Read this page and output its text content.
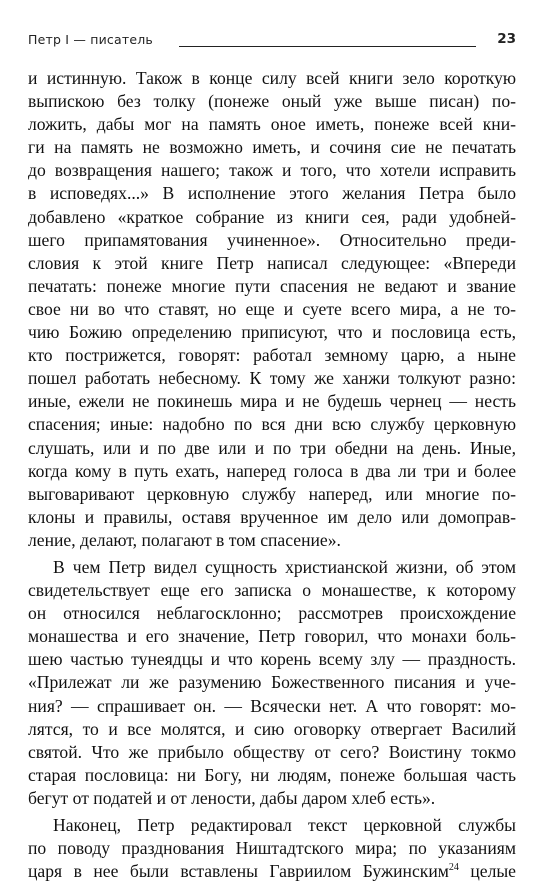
Петр I — писатель	23
и истинную. Також в конце силу всей книги зело короткую
выпискою без толку (понеже оный уже выше писан) по-
ложить, дабы мог на память оное иметь, понеже всей кни-
ги на память не возможно иметь, и сочиня сие не печатать
до возвращения нашего; також и того, что хотели исправить
в исповедях...» В исполнение этого желания Петра было
добавлено «краткое собрание из книги сея, ради удобней-
шего припамятования учиненное». Относительно преди-
словия к этой книге Петр написал следующее: «Впереди
печатать: понеже многие пути спасения не ведают и звание
свое ни во что ставят, но еще и суете всего мира, а не то-
чию Божию определению приписуют, что и пословица есть,
кто пострижется, говорят: работал земному царю, а ныне
пошел работать небесному. К тому же ханжи толкуют разно:
иные, ежели не покинешь мира и не будешь чернец — несть
спасения; иные: надобно по вся дни всю службу церковную
слушать, или и по две или и по три обедни на день. Иные,
когда кому в путь ехать, наперед голоса в два ли три и более
выговаривают церковную службу наперед, или многие по-
клоны и правилы, оставя врученное им дело или домоправ-
ление, делают, полагают в том спасение».
В чем Петр видел сущность христианской жизни, об этом
свидетельствует еще его записка о монашестве, к которому
он относился неблагосклонно; рассмотрев происхождение
монашества и его значение, Петр говорил, что монахи боль-
шею частью тунеядцы и что корень всему злу — праздность.
«Прилежат ли же разумению Божественного писания и уче-
ния? — спрашивает он. — Всячески нет. А что говорят: мо-
лятся, то и все молятся, и сию оговорку отвергает Василий
святой. Что же прибыло обществу от сего? Воистину токмо
старая пословица: ни Богу, ни людям, понеже большая часть
бегут от податей и от лености, дабы даром хлеб есть».
Наконец, Петр редактировал текст церковной службы
по поводу празднования Ништадтского мира; по указаниям
царя в нее были вставлены Гавриилом Бужинским$^{24}$ целые
